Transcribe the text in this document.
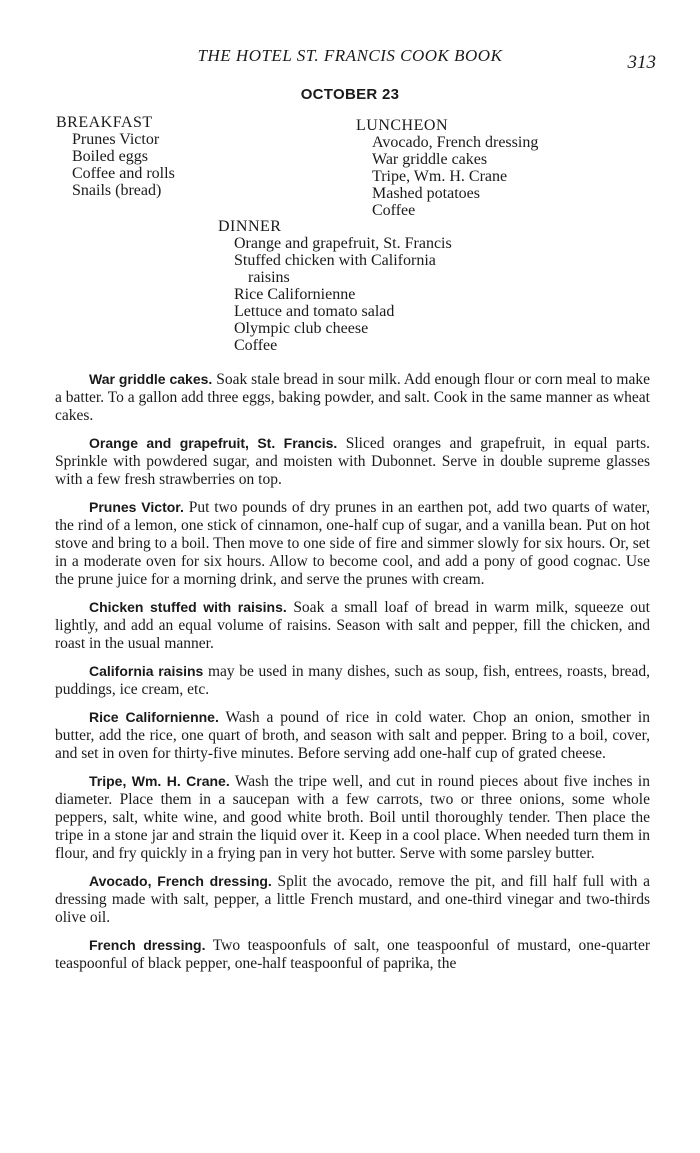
THE HOTEL ST. FRANCIS COOK BOOK	313
OCTOBER 23
BREAKFAST
Prunes Victor
Boiled eggs
Coffee and rolls
Snails (bread)
LUNCHEON
Avocado, French dressing
War griddle cakes
Tripe, Wm. H. Crane
Mashed potatoes
Coffee
DINNER
Orange and grapefruit, St. Francis
Stuffed chicken with California
raisins
Rice Californienne
Lettuce and tomato salad
Olympic club cheese
Coffee

War griddle cakes. Soak stale bread in sour milk. Add enough flour or corn meal to make a batter. To a gallon add three eggs, baking powder, and salt. Cook in the same manner as wheat cakes.

Orange and grapefruit, St. Francis. Sliced oranges and grapefruit, in equal parts. Sprinkle with powdered sugar, and moisten with Dubonnet. Serve in double supreme glasses with a few fresh strawberries on top.

Prunes Victor. Put two pounds of dry prunes in an earthen pot, add two quarts of water, the rind of a lemon, one stick of cinnamon, one-half cup of sugar, and a vanilla bean. Put on hot stove and bring to a boil. Then move to one side of fire and simmer slowly for six hours. Or, set in a moderate oven for six hours. Allow to become cool, and add a pony of good cognac. Use the prune juice for a morning drink, and serve the prunes with cream.

Chicken stuffed with raisins. Soak a small loaf of bread in warm milk, squeeze out lightly, and add an equal volume of raisins. Season with salt and pepper, fill the chicken, and roast in the usual manner.

California raisins may be used in many dishes, such as soup, fish, entrees, roasts, bread, puddings, ice cream, etc.

Rice Californienne. Wash a pound of rice in cold water. Chop an onion, smother in butter, add the rice, one quart of broth, and season with salt and pepper. Bring to a boil, cover, and set in oven for thirty-five minutes. Before serving add one-half cup of grated cheese.

Tripe, Wm. H. Crane. Wash the tripe well, and cut in round pieces about five inches in diameter. Place them in a saucepan with a few carrots, two or three onions, some whole peppers, salt, white wine, and good white broth. Boil until thoroughly tender. Then place the tripe in a stone jar and strain the liquid over it. Keep in a cool place. When needed turn them in flour, and fry quickly in a frying pan in very hot butter. Serve with some parsley butter.

Avocado, French dressing. Split the avocado, remove the pit, and fill half full with a dressing made with salt, pepper, a little French mustard, and one-third vinegar and two-thirds olive oil.

French dressing. Two teaspoonfuls of salt, one teaspoonful of mustard, one-quarter teaspoonful of black pepper, one-half teaspoonful of paprika, the
